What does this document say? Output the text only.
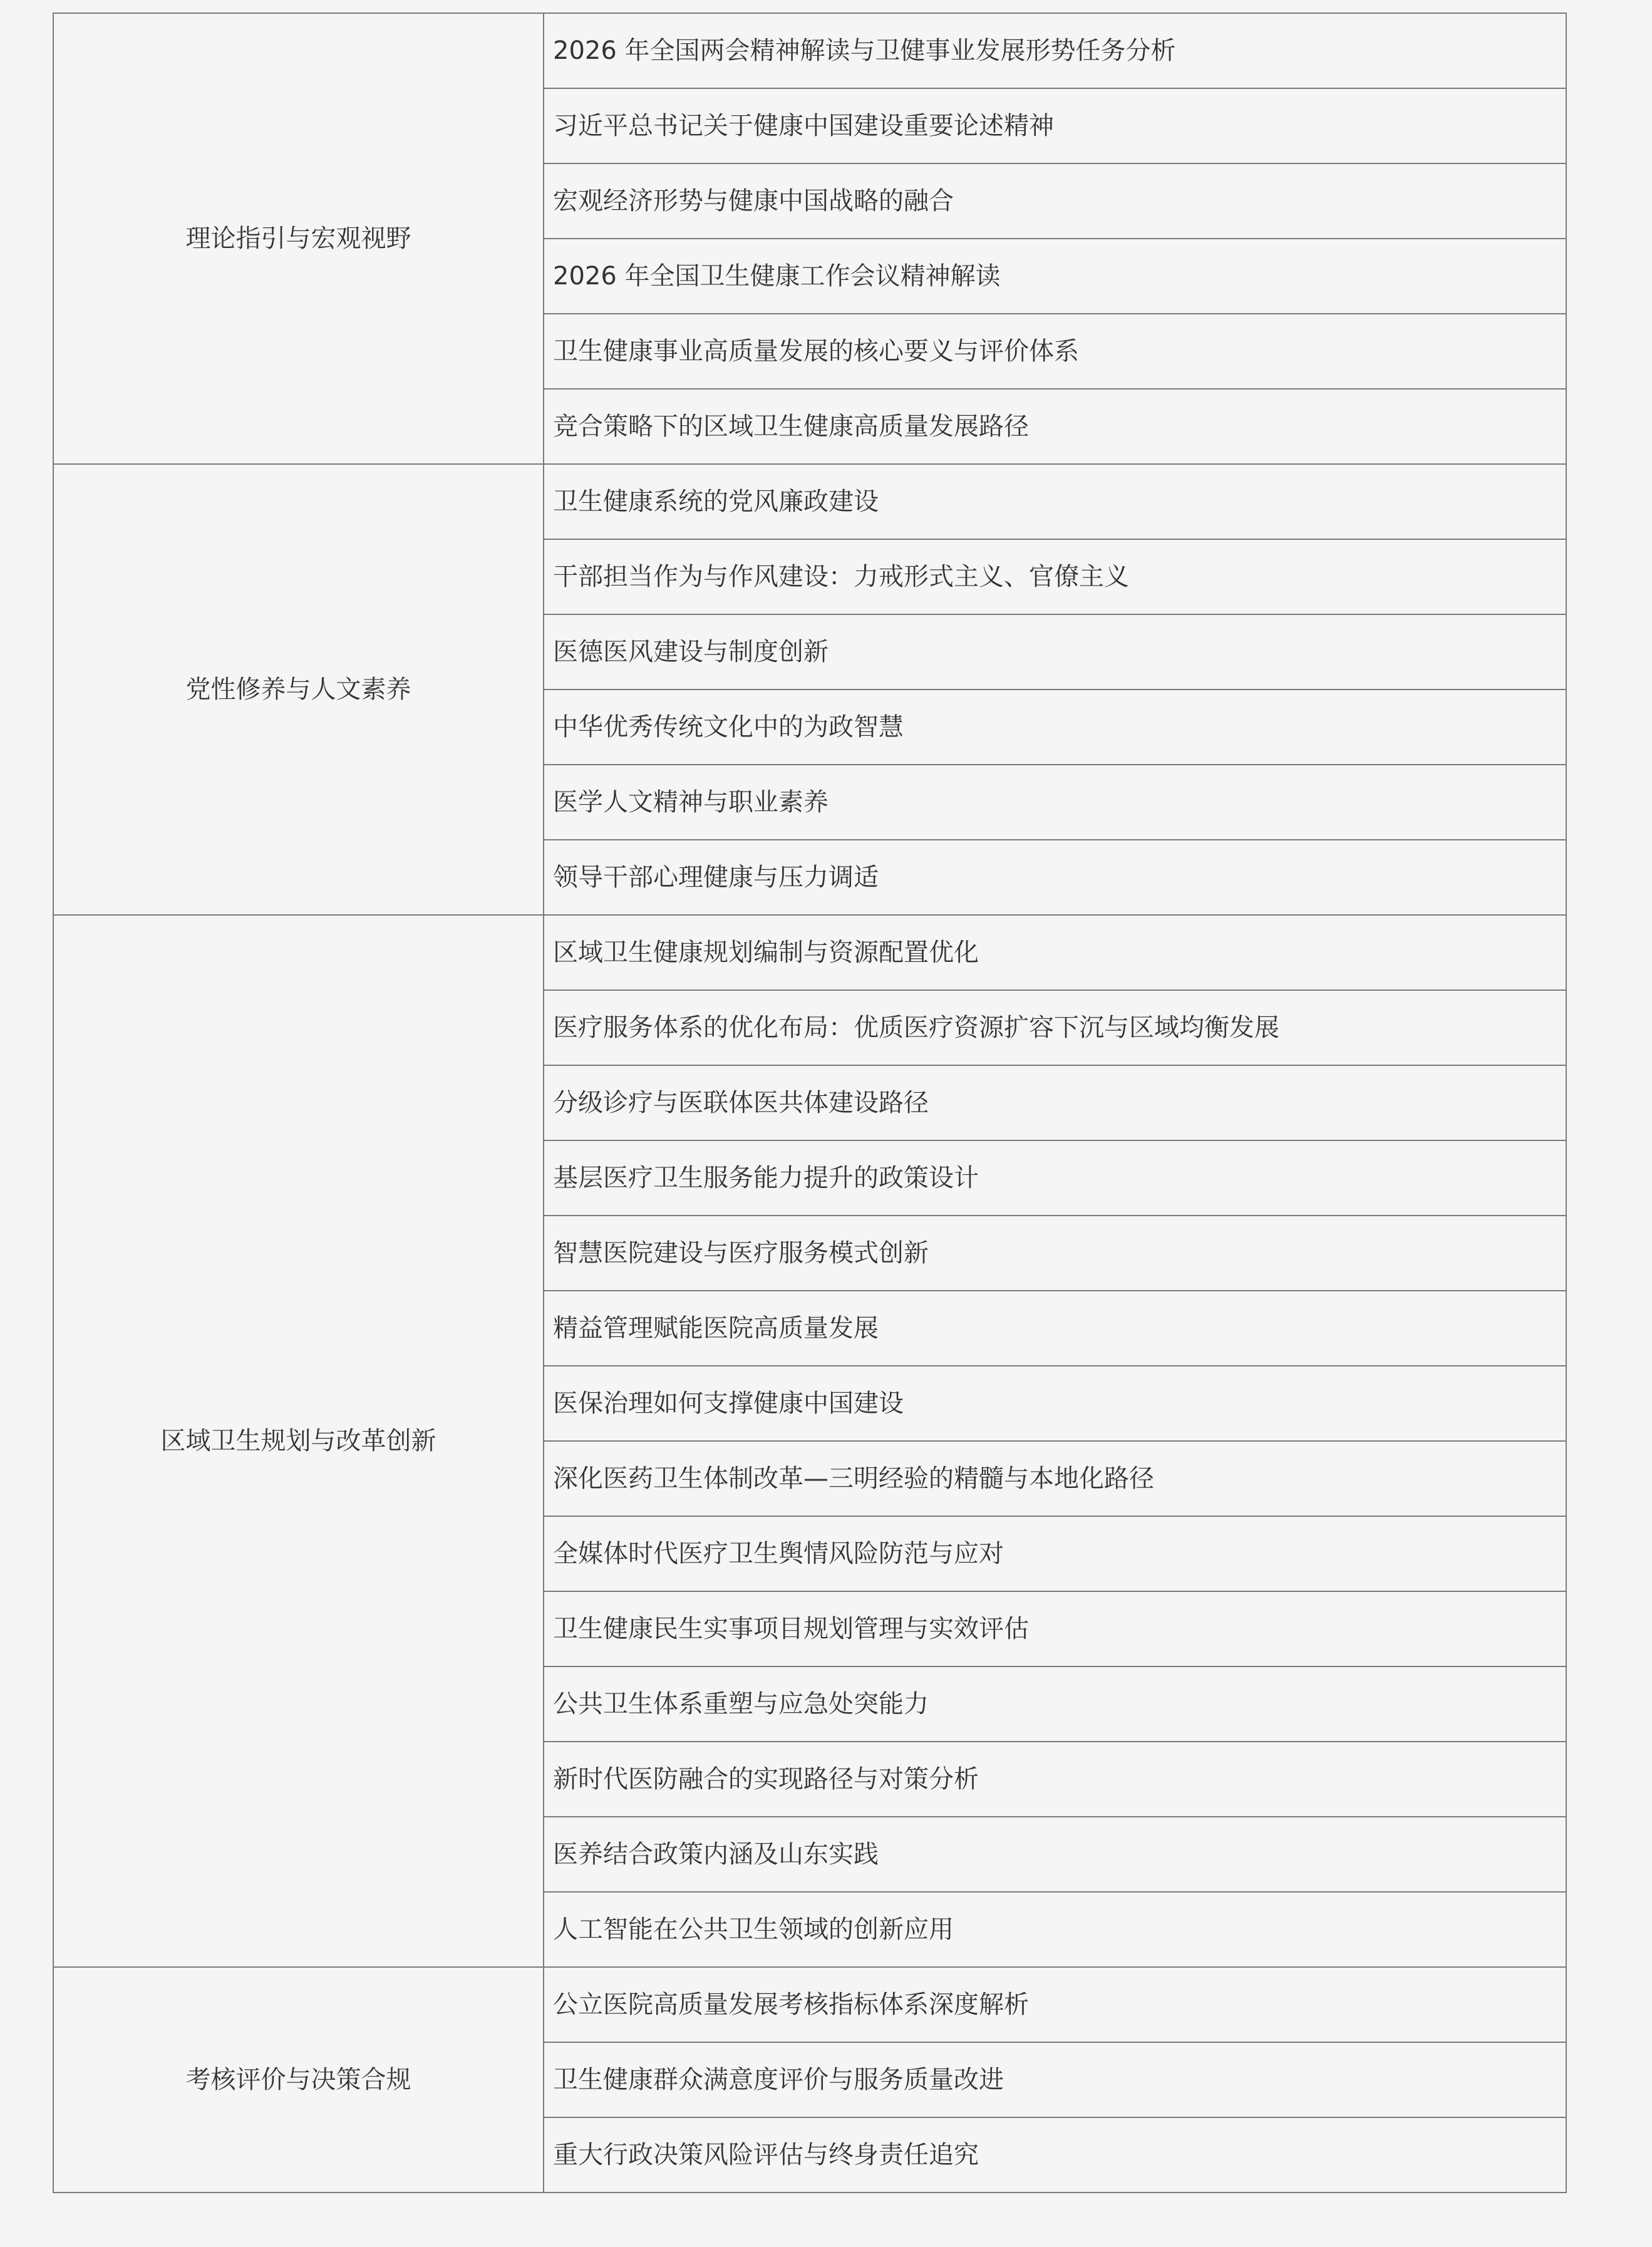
理论指引与宏观视野	2026 年全国两会精神解读与卫健事业发展形势任务分析
	习近平总书记关于健康中国建设重要论述精神
	宏观经济形势与健康中国战略的融合
	2026 年全国卫生健康工作会议精神解读
	卫生健康事业高质量发展的核心要义与评价体系
	竞合策略下的区域卫生健康高质量发展路径
党性修养与人文素养	卫生健康系统的党风廉政建设
	干部担当作为与作风建设：力戒形式主义、官僚主义
	医德医风建设与制度创新
	中华优秀传统文化中的为政智慧
	医学人文精神与职业素养
	领导干部心理健康与压力调适
区域卫生规划与改革创新	区域卫生健康规划编制与资源配置优化
	医疗服务体系的优化布局：优质医疗资源扩容下沉与区域均衡发展
	分级诊疗与医联体医共体建设路径
	基层医疗卫生服务能力提升的政策设计
	智慧医院建设与医疗服务模式创新
	精益管理赋能医院高质量发展
	医保治理如何支撑健康中国建设
	深化医药卫生体制改革—三明经验的精髓与本地化路径
	全媒体时代医疗卫生舆情风险防范与应对
	卫生健康民生实事项目规划管理与实效评估
	公共卫生体系重塑与应急处突能力
	新时代医防融合的实现路径与对策分析
	医养结合政策内涵及山东实践
	人工智能在公共卫生领域的创新应用
考核评价与决策合规	公立医院高质量发展考核指标体系深度解析
	卫生健康群众满意度评价与服务质量改进
	重大行政决策风险评估与终身责任追究
